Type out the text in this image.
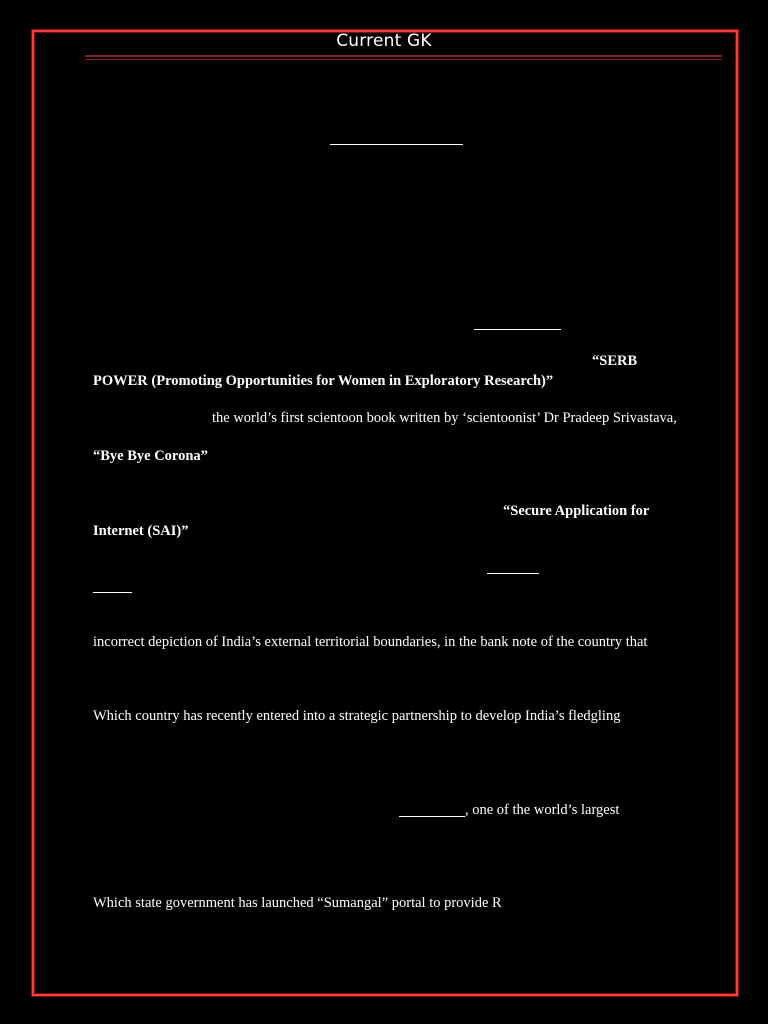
Current GK
“SERB
POWER (Promoting Opportunities for Women in Exploratory Research)”
the world’s first scientoon book written by ‘scientoonist’ Dr Pradeep Srivastava,
“Bye Bye Corona”
“Secure Application for
Internet (SAI)”
incorrect depiction of India’s external territorial boundaries, in the bank note of the country that
Which country has recently entered into a strategic partnership to develop India’s fledgling
, one of the world’s largest
Which state government has launched “Sumangal” portal to provide R
